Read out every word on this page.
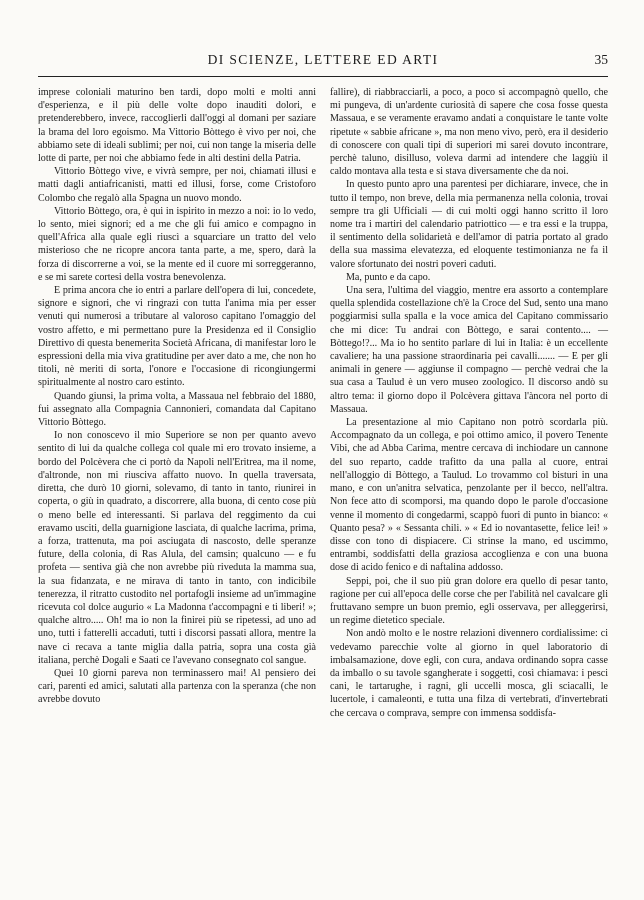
DI SCIENZE, LETTERE ED ARTI	35

imprese coloniali maturino ben tardi, dopo molti e molti anni d'esperienza, e il più delle volte dopo inauditi dolori, e pretenderebbero, invece, raccoglierli dall'oggi al domani per saziare la brama del loro egoismo. Ma Vittorio Bòttego è vivo per noi, che abbiamo sete di ideali sublimi; per noi, cui non tange la miseria delle lotte di parte, per noi che abbiamo fede in alti destini della Patria.

Vittorio Bòttego vive, e vivrà sempre, per noi, chiamati illusi e matti dagli antiafricanisti, matti ed illusi, forse, come Cristoforo Colombo che regalò alla Spagna un nuovo mondo.

Vittorio Bòttego, ora, è qui in ispirito in mezzo a noi: io lo vedo, lo sento, miei signori; ed a me che gli fui amico e compagno in quell'Africa alla quale egli riuscì a squarciare un tratto del velo misterioso che ne ricopre ancora tanta parte, a me, spero, darà la forza di discorrerne a voi, se la mente ed il cuore mi sorreggeranno, e se mi sarete cortesi della vostra benevolenza.

E prima ancora che io entri a parlare dell'opera di lui, concedete, signore e signori, che vi ringrazi con tutta l'anima mia per esser venuti qui numerosi a tributare al valoroso capitano l'omaggio del vostro affetto, e mi permettano pure la Presidenza ed il Consiglio Direttivo di questa benemerita Società Africana, di manifestar loro le espressioni della mia viva gratitudine per aver dato a me, che non ho titoli, nè meriti di sorta, l'onore e l'occasione di ricongiungermi spiritualmente al nostro caro estinto.

Quando giunsi, la prima volta, a Massaua nel febbraio del 1880, fui assegnato alla Compagnia Cannonieri, comandata dal Capitano Vittorio Bòttego.

Io non conoscevo il mio Superiore se non per quanto avevo sentito di lui da qualche collega col quale mi ero trovato insieme, a bordo del Polcèvera che ci portò da Napoli nell'Eritrea, ma il nome, d'altronde, non mi riusciva affatto nuovo. In quella traversata, diretta, che durò 10 giorni, solevamo, di tanto in tanto, riunirei in coperta, o giù in quadrato, a discorrere, alla buona, di cento cose più o meno belle ed interessanti. Si parlava del reggimento da cui eravamo usciti, della guarnigione lasciata, di qualche lacrima, prima, a forza, trattenuta, ma poi asciugata di nascosto, delle speranze future, della colonia, di Ras Alula, del camsin; qualcuno — e fu profeta — sentiva già che non avrebbe più riveduta la mamma sua, la sua fidanzata, e ne mirava di tanto in tanto, con indicibile tenerezza, il ritratto custodito nel portafogli insieme ad un'immagine ricevuta col dolce augurio « La Madonna t'accompagni e ti liberi! »; qualche altro..... Oh! ma io non la finirei più se ripetessi, ad uno ad uno, tutti i fatterelli accaduti, tutti i discorsi passati allora, mentre la nave ci recava a tante miglia dalla patria, sopra una costa già italiana, perchè Dogali e Saati ce l'avevano consegnato col sangue.

Quei 10 giorni pareva non terminassero mai! Al pensiero dei cari, parenti ed amici, salutati alla partenza con la speranza (che non avrebbe dovuto

fallire), di riabbracciarli, a poco, a poco si accompagnò quello, che mi pungeva, di un'ardente curiosità di sapere che cosa fosse questa Massaua, e se veramente eravamo andati a conquistare le tante volte ripetute « sabbie africane », ma non meno vivo, però, era il desiderio di conoscere con quali tipi di superiori mi sarei dovuto incontrare, perchè taluno, disilluso, voleva darmi ad intendere che laggiù il caldo montava alla testa e si stava diversamente che da noi.

In questo punto apro una parentesi per dichiarare, invece, che in tutto il tempo, non breve, della mia permanenza nella colonia, trovai sempre tra gli Ufficiali — di cui molti oggi hanno scritto il loro nome tra i martiri del calendario patriottico — e tra essi e la truppa, il sentimento della solidarietà e dell'amor di patria portato al grado della sua massima elevatezza, ed eloquente testimonianza ne fa il valore sfortunato dei nostri poveri caduti.

Ma, punto e da capo.

Una sera, l'ultima del viaggio, mentre era assorto a contemplare quella splendida costellazione ch'è la Croce del Sud, sento una mano poggiarmisi sulla spalla e la voce amica del Capitano commissario che mi dice: Tu andrai con Bòttego, e sarai contento.... — Bòttego!?... Ma io ho sentito parlare di lui in Italia: è un eccellente cavaliere; ha una passione straordinaria pei cavalli....... — E per gli animali in genere — aggiunse il compagno — perchè vedrai che la sua casa a Taulud è un vero museo zoologico. Il discorso andò su altro tema: il giorno dopo il Polcèvera gittava l'àncora nel porto di Massaua.

La presentazione al mio Capitano non potrò scordarla più. Accompagnato da un collega, e poi ottimo amico, il povero Tenente Vibi, che ad Abba Carima, mentre cercava di inchiodare un cannone del suo reparto, cadde trafitto da una palla al cuore, entrai nell'alloggio di Bòttego, a Taulud. Lo trovammo col bisturi in una mano, e con un'anitra selvatica, penzolante per il becco, nell'altra. Non fece atto di scomporsi, ma quando dopo le parole d'occasione venne il momento di congedarmi, scappò fuori di punto in bianco: « Quanto pesa? » « Sessanta chili. » « Ed io novantasette, felice lei! » disse con tono di dispiacere. Ci strinse la mano, ed uscimmo, entrambi, soddisfatti della graziosa accoglienza e con una buona dose di acido fenico e di naftalina addosso.

Seppi, poi, che il suo più gran dolore era quello di pesar tanto, ragione per cui all'epoca delle corse che per l'abilità nel cavalcare gli fruttavano sempre un buon premio, egli osservava, per alleggerirsi, un regime dietetico speciale.

Non andò molto e le nostre relazioni divennero cordialissime: ci vedevamo parecchie volte al giorno in quel laboratorio di imbalsamazione, dove egli, con cura, andava ordinando sopra casse da imballo o su tavole sgangherate i soggetti, così chiamava: i pesci cani, le tartarughe, i ragni, gli uccelli mosca, gli sciacalli, le lucertole, i camaleonti, e tutta una filza di vertebrati, d'invertebrati che cercava o comprava, sempre con immensa soddisfa-
